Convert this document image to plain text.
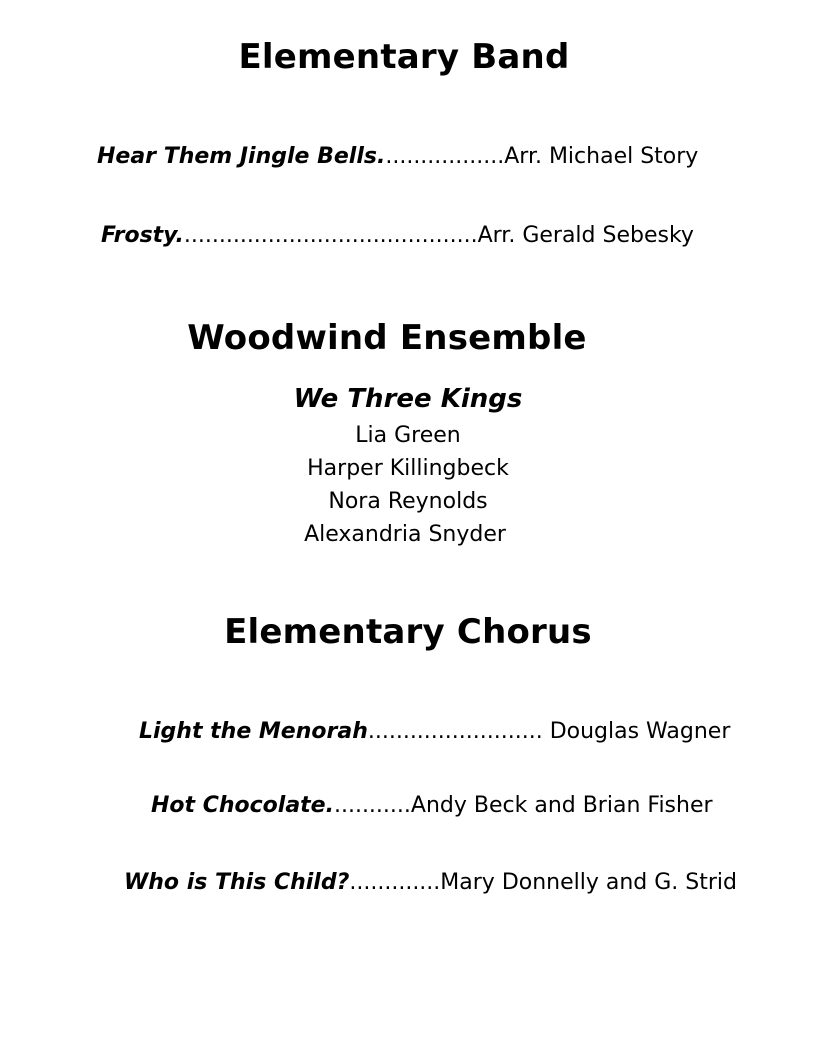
Elementary Band
Hear Them Jingle Bells..................Arr. Michael Story
Frosty...........................................Arr. Gerald Sebesky
Woodwind Ensemble
We Three Kings
Lia Green
Harper Killingbeck
Nora Reynolds
Alexandria Snyder
Elementary Chorus
Light the Menorah......................... Douglas Wagner
Hot Chocolate............Andy Beck and Brian Fisher
Who is This Child?.............Mary Donnelly and G. Strid
